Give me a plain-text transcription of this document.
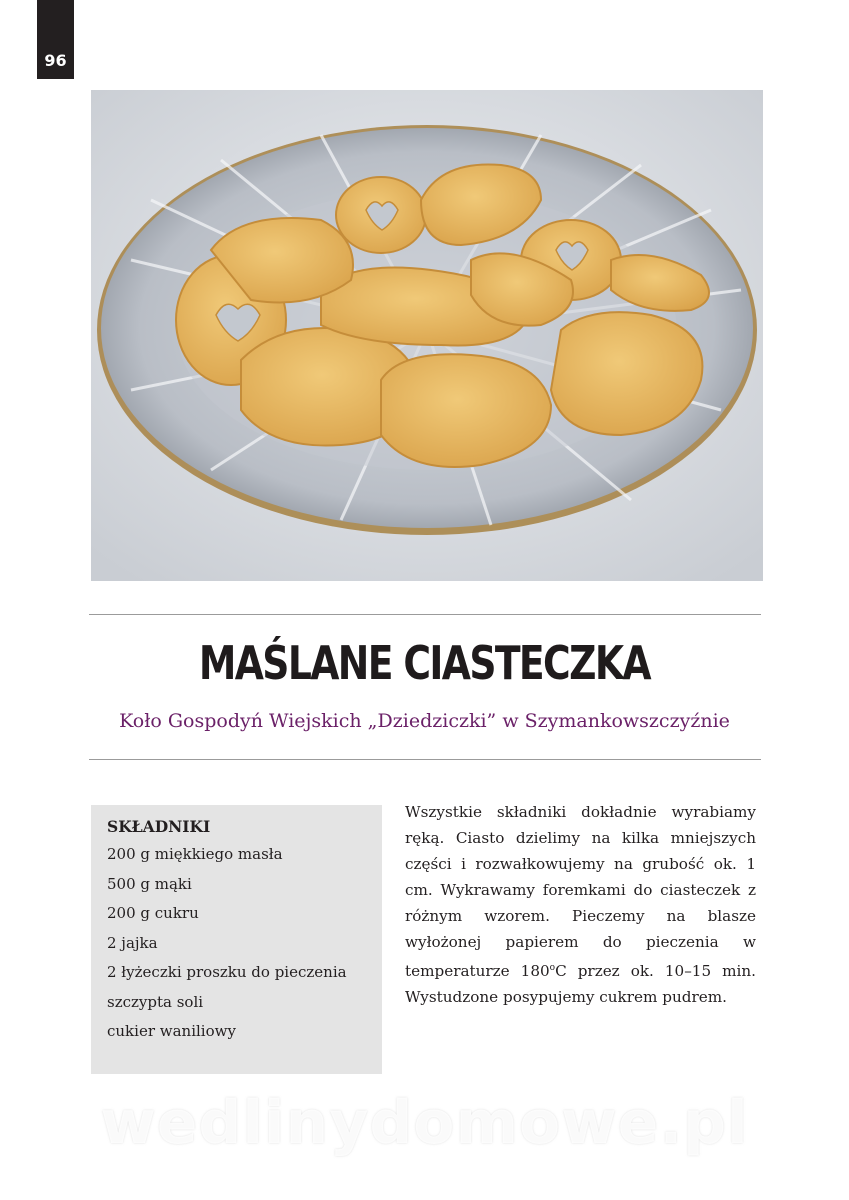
96
MAŚLANE CIASTECZKA
Koło Gospodyń Wiejskich „Dziedziczki” w Szymankowszczyźnie
SKŁADNIKI
200 g miękkiego masła
500 g mąki
200 g cukru
2 jajka
2 łyżeczki proszku do pieczenia
szczypta soli
cukier waniliowy
Wszystkie składniki dokładnie wyrabiamy ręką. Ciasto dzielimy na kilka mniejszych części i rozwałkowujemy na grubość ok. 1 cm. Wykrawamy foremkami do ciasteczek z różnym wzorem. Pieczemy na blasze wyłożonej papierem do pieczenia w temperaturze 180$^o$C przez ok. 10–15 min. Wystudzone posypujemy cukrem pudrem.
wedlinydomowe.pl
